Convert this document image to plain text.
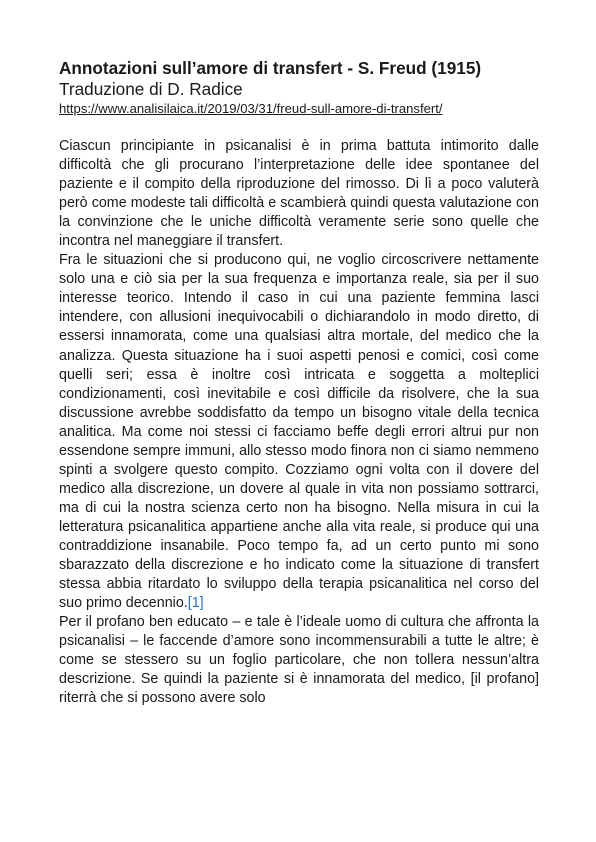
Annotazioni sull’amore di transfert - S. Freud (1915)
Traduzione di D. Radice
https://www.analisilaica.it/2019/03/31/freud-sull-amore-di-transfert/

Ciascun principiante in psicanalisi è in prima battuta intimorito dalle difficoltà che gli procurano l’interpretazione delle idee spontanee del paziente e il compito della riproduzione del rimosso. Di lì a poco valuterà però come modeste tali difficoltà e scambierà quindi questa valutazione con la convinzione che le uniche difficoltà veramente serie sono quelle che incontra nel maneggiare il transfert.

Fra le situazioni che si producono qui, ne voglio circoscrivere nettamente solo una e ciò sia per la sua frequenza e importanza reale, sia per il suo interesse teorico. Intendo il caso in cui una paziente femmina lasci intendere, con allusioni inequivocabili o dichiarandolo in modo diretto, di essersi innamorata, come una qualsiasi altra mortale, del medico che la analizza. Questa situazione ha i suoi aspetti penosi e comici, così come quelli seri; essa è inoltre così intricata e soggetta a molteplici condizionamenti, così inevitabile e così difficile da risolvere, che la sua discussione avrebbe soddisfatto da tempo un bisogno vitale della tecnica analitica. Ma come noi stessi ci facciamo beffe degli errori altrui pur non essendone sempre immuni, allo stesso modo finora non ci siamo nemmeno spinti a svolgere questo compito. Cozziamo ogni volta con il dovere del medico alla discrezione, un dovere al quale in vita non possiamo sottrarci, ma di cui la nostra scienza certo non ha bisogno. Nella misura in cui la letteratura psicanalitica appartiene anche alla vita reale, si produce qui una contraddizione insanabile. Poco tempo fa, ad un certo punto mi sono sbarazzato della discrezione e ho indicato come la situazione di transfert stessa abbia ritardato lo sviluppo della terapia psicanalitica nel corso del suo primo decennio.[1]

Per il profano ben educato – e tale è l’ideale uomo di cultura che affronta la psicanalisi – le faccende d’amore sono incommensurabili a tutte le altre; è come se stessero su un foglio particolare, che non tollera nessun’altra descrizione. Se quindi la paziente si è innamorata del medico, [il profano] riterrà che si possono avere solo
